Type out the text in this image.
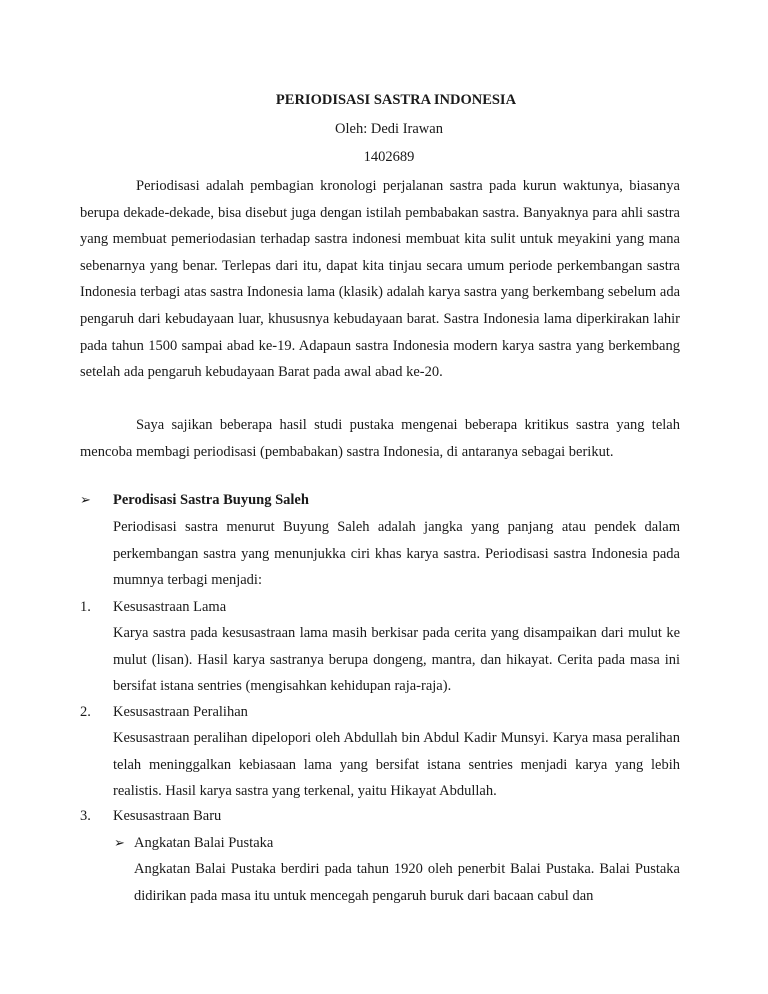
PERIODISASI SASTRA INDONESIA
Oleh: Dedi Irawan
1402689

Periodisasi adalah pembagian kronologi perjalanan sastra pada kurun waktunya, biasanya berupa dekade-dekade, bisa disebut juga dengan istilah pembabakan sastra. Banyaknya para ahli sastra yang membuat pemeriodasian terhadap sastra indonesi membuat kita sulit untuk meyakini yang mana sebenarnya yang benar. Terlepas dari itu, dapat kita tinjau secara umum periode perkembangan sastra Indonesia terbagi atas sastra Indonesia lama (klasik) adalah karya sastra yang berkembang sebelum ada pengaruh dari kebudayaan luar, khususnya kebudayaan barat. Sastra Indonesia lama diperkirakan lahir pada tahun 1500 sampai abad ke-19. Adapaun sastra Indonesia modern karya sastra yang berkembang setelah ada pengaruh kebudayaan Barat pada awal abad ke-20.

Saya sajikan beberapa hasil studi pustaka mengenai beberapa kritikus sastra yang telah mencoba membagi periodisasi (pembabakan) sastra Indonesia, di antaranya sebagai berikut.

➢	Perodisasi Sastra Buyung Saleh

Periodisasi sastra menurut Buyung Saleh adalah jangka yang panjang atau pendek dalam perkembangan sastra yang menunjukka ciri khas karya sastra. Periodisasi sastra Indonesia pada mumnya terbagi menjadi:

1.	Kesusastraan Lama

Karya sastra pada kesusastraan lama masih berkisar pada cerita yang disampaikan dari mulut ke mulut (lisan). Hasil karya sastranya berupa dongeng, mantra, dan hikayat. Cerita pada masa ini bersifat istana sentries (mengisahkan kehidupan raja-raja).

2.	Kesusastraan Peralihan

Kesusastraan peralihan dipelopori oleh Abdullah bin Abdul Kadir Munsyi. Karya masa peralihan telah meninggalkan kebiasaan lama yang bersifat istana sentries menjadi karya yang lebih realistis. Hasil karya sastra yang terkenal, yaitu Hikayat Abdullah.

3.	Kesusastraan Baru
➢ Angkatan Balai Pustaka

Angkatan Balai Pustaka berdiri pada tahun 1920 oleh penerbit Balai Pustaka. Balai Pustaka didirikan pada masa itu untuk mencegah pengaruh buruk dari bacaan cabul dan
